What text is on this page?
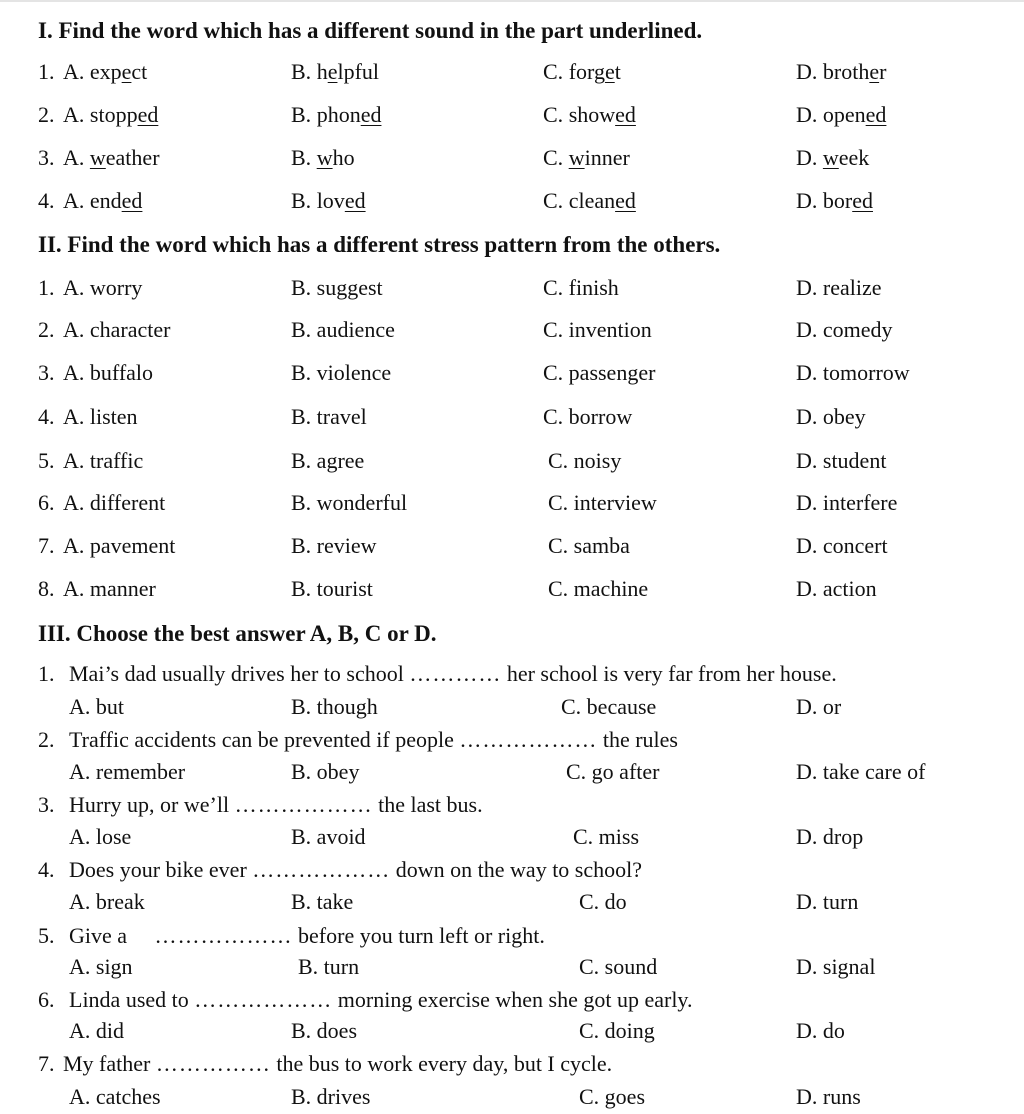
I. Find the word which has a different sound in the part underlined.
1. A. expect	B. helpful	C. forget	D. brother
2. A. stopped	B. phoned	C. showed	D. opened
3. A. weather	B. who	C. winner	D. week
4. A. ended	B. loved	C. cleaned	D. bored
II. Find the word which has a different stress pattern from the others.
1. A. worry	B. suggest	C. finish	D. realize
2. A. character	B. audience	C. invention	D. comedy
3. A. buffalo	B. violence	C. passenger	D. tomorrow
4. A. listen	B. travel	C. borrow	D. obey
5. A. traffic	B. agree	C. noisy	D. student
6. A. different	B. wonderful	C. interview	D. interfere
7. A. pavement	B. review	C. samba	D. concert
8. A. manner	B. tourist	C. machine	D. action
III. Choose the best answer A, B, C or D.
1. Mai’s dad usually drives her to school ………… her school is very far from her house.
A. but	B. though	C. because	D. or
2. Traffic accidents can be prevented if people ……………… the rules
A. remember	B. obey	C. go after	D. take care of
3. Hurry up, or we’ll ……………… the last bus.
A. lose	B. avoid	C. miss	D. drop
4. Does your bike ever ……………… down on the way to school?
A. break	B. take	C. do	D. turn
5. Give a ……………… before you turn left or right.
A. sign	B. turn	C. sound	D. signal
6. Linda used to ……………… morning exercise when she got up early.
A. did	B. does	C. doing	D. do
7. My father …………… the bus to work every day, but I cycle.
A. catches	B. drives	C. goes	D. runs
